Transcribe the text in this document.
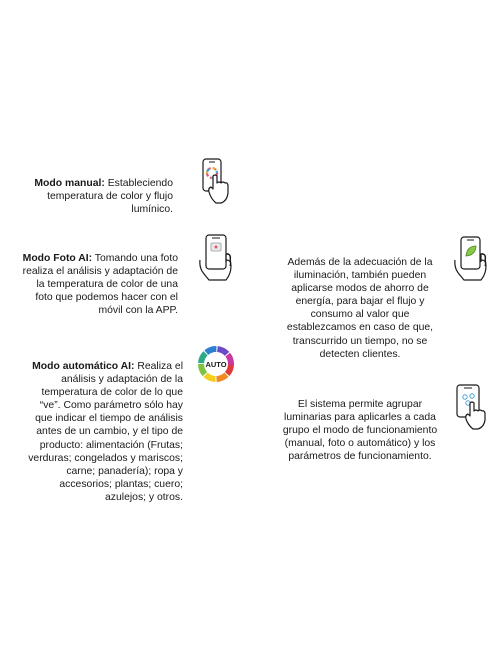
Modo manual: Estableciendo

temperatura de color y flujo

lumínico.

Modo Foto AI: Tomando una foto

realiza el análisis y adaptación de

la temperatura de color de una

foto que podemos hacer con el

móvil con la APP.

Modo automático AI: Realiza el

análisis y adaptación de la

temperatura de color de lo que

“ve”. Como parámetro sólo hay

que indicar el tiempo de análisis

antes de un cambio, y el tipo de

producto: alimentación (Frutas;

verduras; congelados y mariscos;

carne; panadería); ropa y

accesorios; plantas; cuero;

azulejos; y otros.

AUTO

Además de la adecuación de la

iluminación, también pueden

aplicarse modos de ahorro de

energía, para bajar el flujo y

consumo al valor que

establezcamos en caso de que,

transcurrido un tiempo, no se

detecten clientes.

El sistema permite agrupar

luminarias para aplicarles a cada

grupo el modo de funcionamiento

(manual, foto o automático) y los

parámetros de funcionamiento.
